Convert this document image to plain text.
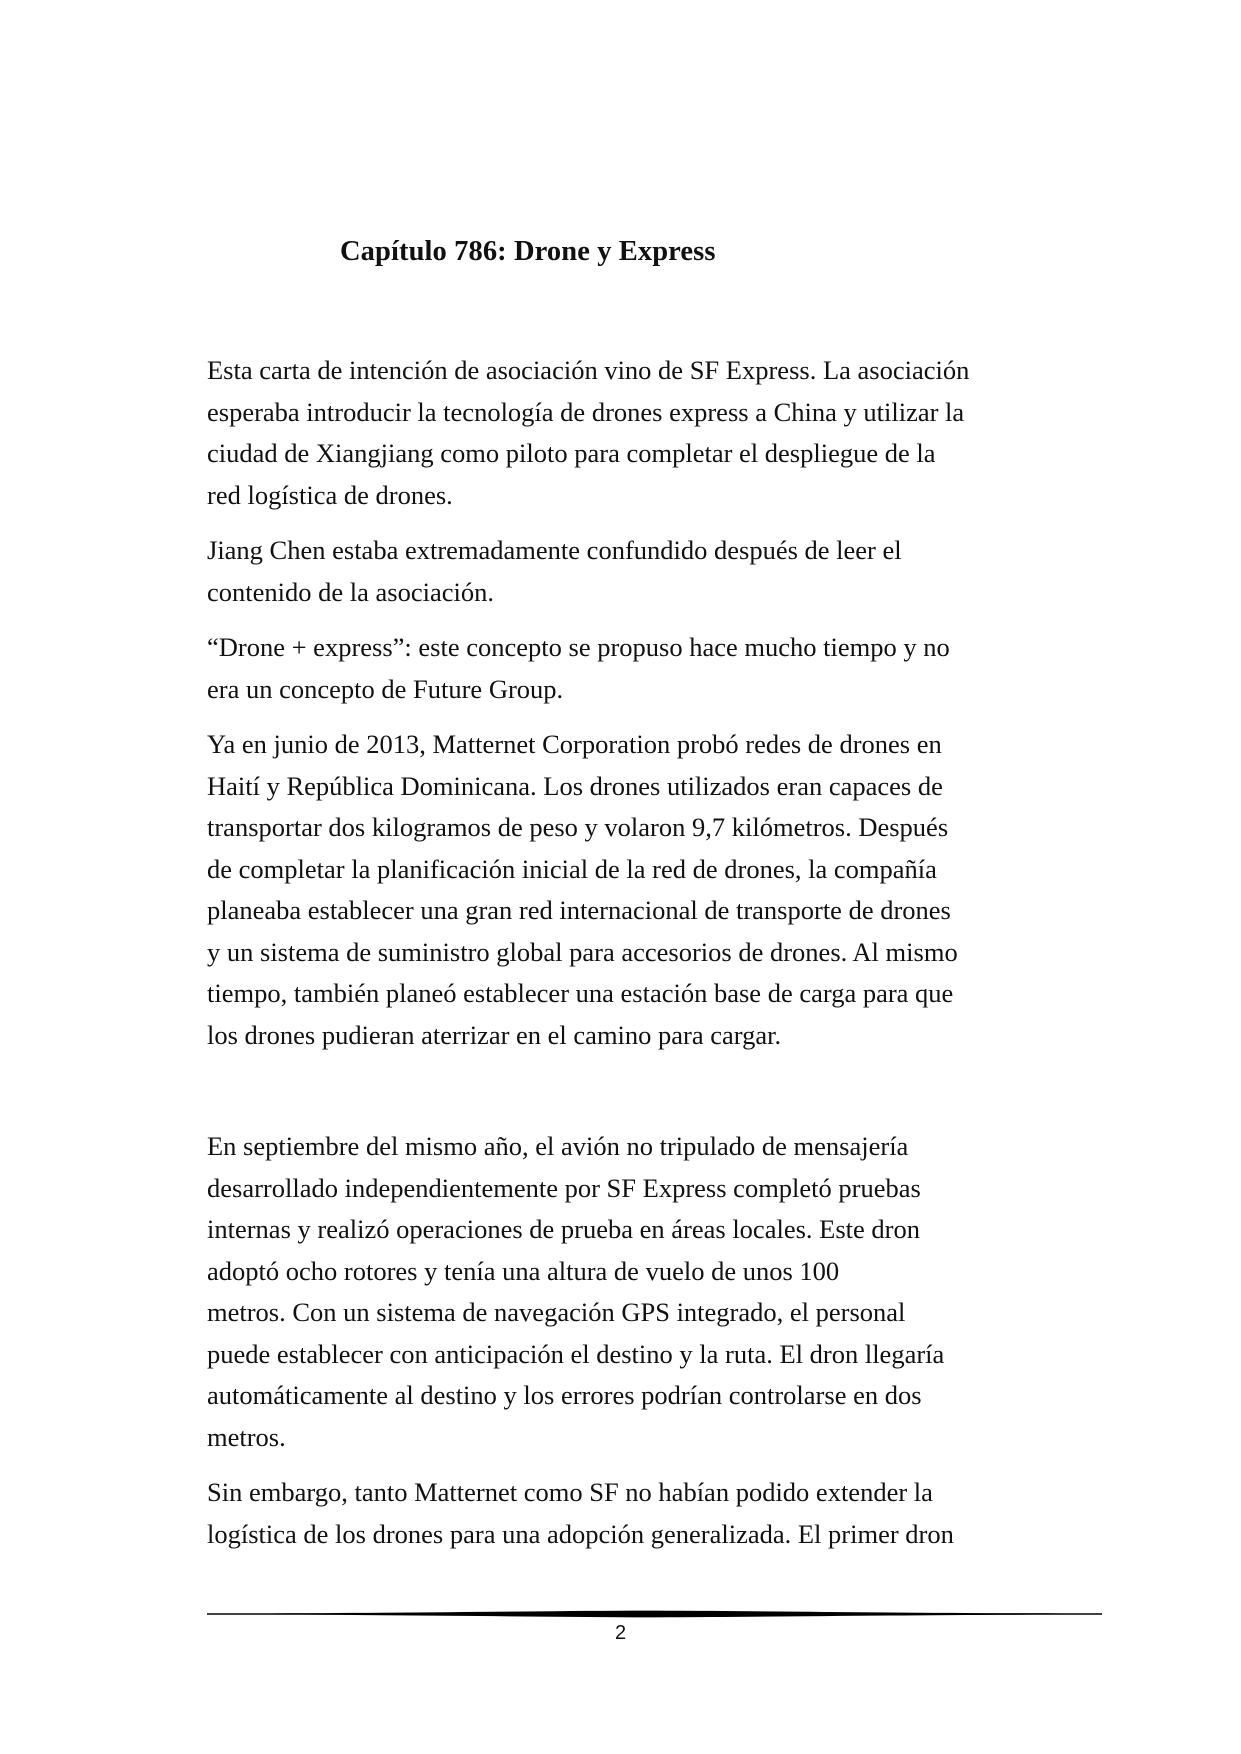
Capítulo 786: Drone y Express

Esta carta de intención de asociación vino de SF Express. La asociación
esperaba introducir la tecnología de drones express a China y utilizar la
ciudad de Xiangjiang como piloto para completar el despliegue de la
red logística de drones.

Jiang Chen estaba extremadamente confundido después de leer el
contenido de la asociación.

“Drone + express”: este concepto se propuso hace mucho tiempo y no
era un concepto de Future Group.

Ya en junio de 2013, Matternet Corporation probó redes de drones en
Haití y República Dominicana. Los drones utilizados eran capaces de
transportar dos kilogramos de peso y volaron 9,7 kilómetros. Después
de completar la planificación inicial de la red de drones, la compañía
planeaba establecer una gran red internacional de transporte de drones
y un sistema de suministro global para accesorios de drones. Al mismo
tiempo, también planeó establecer una estación base de carga para que
los drones pudieran aterrizar en el camino para cargar.

En septiembre del mismo año, el avión no tripulado de mensajería
desarrollado independientemente por SF Express completó pruebas
internas y realizó operaciones de prueba en áreas locales. Este dron
adoptó ocho rotores y tenía una altura de vuelo de unos 100
metros. Con un sistema de navegación GPS integrado, el personal
puede establecer con anticipación el destino y la ruta. El dron llegaría
automáticamente al destino y los errores podrían controlarse en dos
metros.

Sin embargo, tanto Matternet como SF no habían podido extender la
logística de los drones para una adopción generalizada. El primer dron

2
